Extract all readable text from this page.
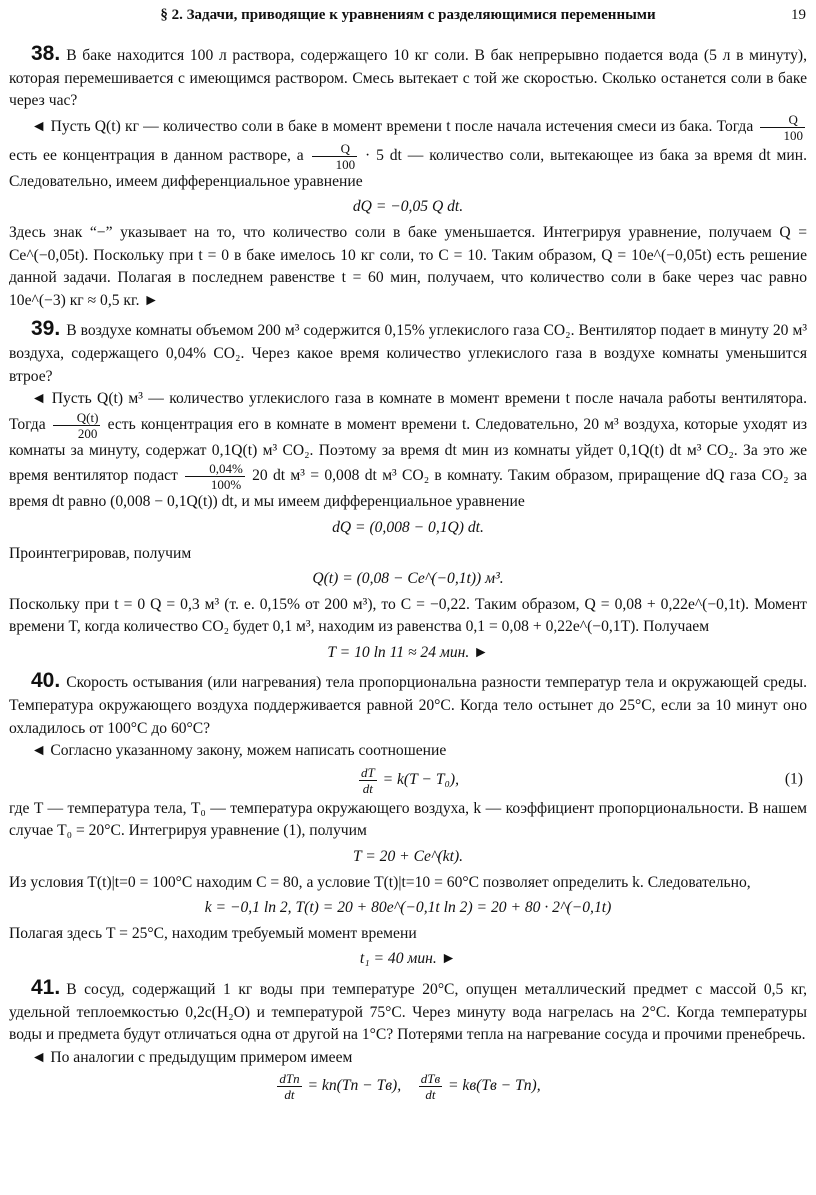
§ 2. Задачи, приводящие к уравнениям с разделяющимися переменными	19

38. В баке находится 100 л раствора, содержащего 10 кг соли. В бак непрерывно подается вода (5 л в минуту), которая перемешивается с имеющимся раствором. Смесь вытекает с той же скоростью. Сколько останется соли в баке через час?

◄ Пусть Q(t) кг — количество соли в баке в момент времени t после начала истечения смеси из бака. Тогда $\frac{Q}{100}$
есть ее концентрация в данном растворе, а $\frac{Q}{100} \cdot 5$ dt — количество соли, вытекающее из бака за время dt мин. Следовательно, имеем дифференциальное уравнение

dQ = −0,05 Q dt.

Здесь знак “−” указывает на то, что количество соли в баке уменьшается. Интегрируя уравнение, получаем Q = Ce^(−0,05t). Поскольку при t = 0 в баке имелось 10 кг соли, то C = 10. Таким образом, Q = 10e^(−0,05t) есть решение данной задачи. Полагая в последнем равенстве t = 60 мин, получаем, что количество соли в баке через час равно 10e^(−3) кг ≈ 0,5 кг. ►

39. В воздухе комнаты объемом 200 м³ содержится 0,15% углекислого газа CO₂. Вентилятор подает в минуту 20 м³ воздуха, содержащего 0,04% CO₂. Через какое время количество углекислого газа в воздухе комнаты уменьшится втрое?

◄ Пусть Q(t) м³ — количество углекислого газа в комнате в момент времени t после начала работы вентилятора. Тогда $\frac{Q(t)}{200}$ есть концентрация его в комнате в момент времени t. Следовательно, 20 м³ воздуха, которые уходят из комнаты за минуту, содержат 0,1Q(t) м³ CO₂. Поэтому за время dt мин из комнаты уйдет 0,1Q(t) dt м³ CO₂. За это же время вентилятор подаст $\frac{0,04\%}{100\%} 20$ dt м³ = 0,008 dt м³ CO₂ в комнату. Таким образом, приращение dQ газа CO₂ за время dt равно (0,008 − 0,1Q(t)) dt, и мы имеем дифференциальное уравнение

dQ = (0,008 − 0,1Q) dt.

Проинтегрировав, получим

Q(t) = (0,08 − Ce^(−0,1t)) м³.

Поскольку при t = 0 Q = 0,3 м³ (т. е. 0,15% от 200 м³), то C = −0,22. Таким образом, Q = 0,08 + 0,22e^(−0,1t). Момент времени T, когда количество CO₂ будет 0,1 м³, находим из равенства 0,1 = 0,08 + 0,22e^(−0,1T). Получаем

T = 10 ln 11 ≈ 24 мин. ►

40. Скорость остывания (или нагревания) тела пропорциональна разности температур тела и окружающей среды. Температура окружающего воздуха поддерживается равной 20°C. Когда тело остынет до 25°C, если за 10 минут оно охладилось от 100°C до 60°C?

◄ Согласно указанному закону, можем написать соотношение

$\frac{dT}{dt} = k(T - T_0)$,	(1)

где T — температура тела, T₀ — температура окружающего воздуха, k — коэффициент пропорциональности. В нашем случае T₀ = 20°C. Интегрируя уравнение (1), получим

T = 20 + Ce^(kt).

Из условия T(t)|t=0 = 100°C находим C = 80, а условие T(t)|t=10 = 60°C позволяет определить k. Следовательно,

k = −0,1 ln 2, T(t) = 20 + 80e^(−0,1t ln 2) = 20 + 80 · 2^(−0,1t)

Полагая здесь T = 25°C, находим требуемый момент времени

t₁ = 40 мин. ►

41. В сосуд, содержащий 1 кг воды при температуре 20°C, опущен металлический предмет с массой 0,5 кг, удельной теплоемкостью 0,2c(H₂O) и температурой 75°C. Через минуту вода нагрелась на 2°C. Когда температуры воды и предмета будут отличаться одна от другой на 1°C? Потерями тепла на нагревание сосуда и прочими пренебречь.

◄ По аналогии с предыдущим примером имеем

$\frac{\text{dTп}}{dt} = kп(Tп - Tв)$, $\frac{\text{dTв}}{dt} = kв(Tв - Tп)$,
